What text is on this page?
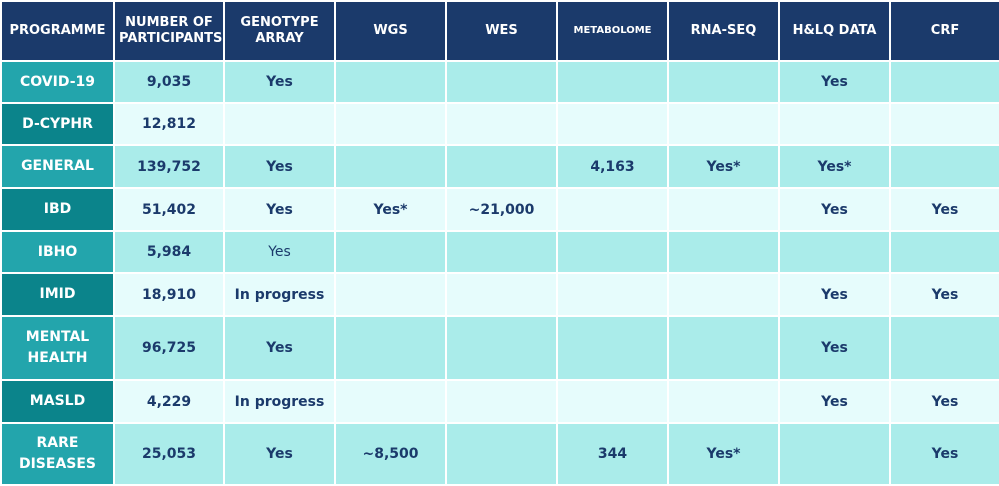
PROGRAMME	NUMBER OF PARTICIPANTS	GENOTYPE ARRAY	WGS	WES	METABOLOME	RNA-SEQ	H&LQ DATA	CRF
COVID-19	9,035	Yes					Yes	
D-CYPHR	12,812							
GENERAL	139,752	Yes			4,163	Yes*	Yes*	
IBD	51,402	Yes	Yes*	~21,000			Yes	Yes
IBHO	5,984	Yes						
IMID	18,910	In progress					Yes	Yes
MENTAL HEALTH	96,725	Yes					Yes	
MASLD	4,229	In progress					Yes	Yes
RARE DISEASES	25,053	Yes	~8,500		344	Yes*		Yes
